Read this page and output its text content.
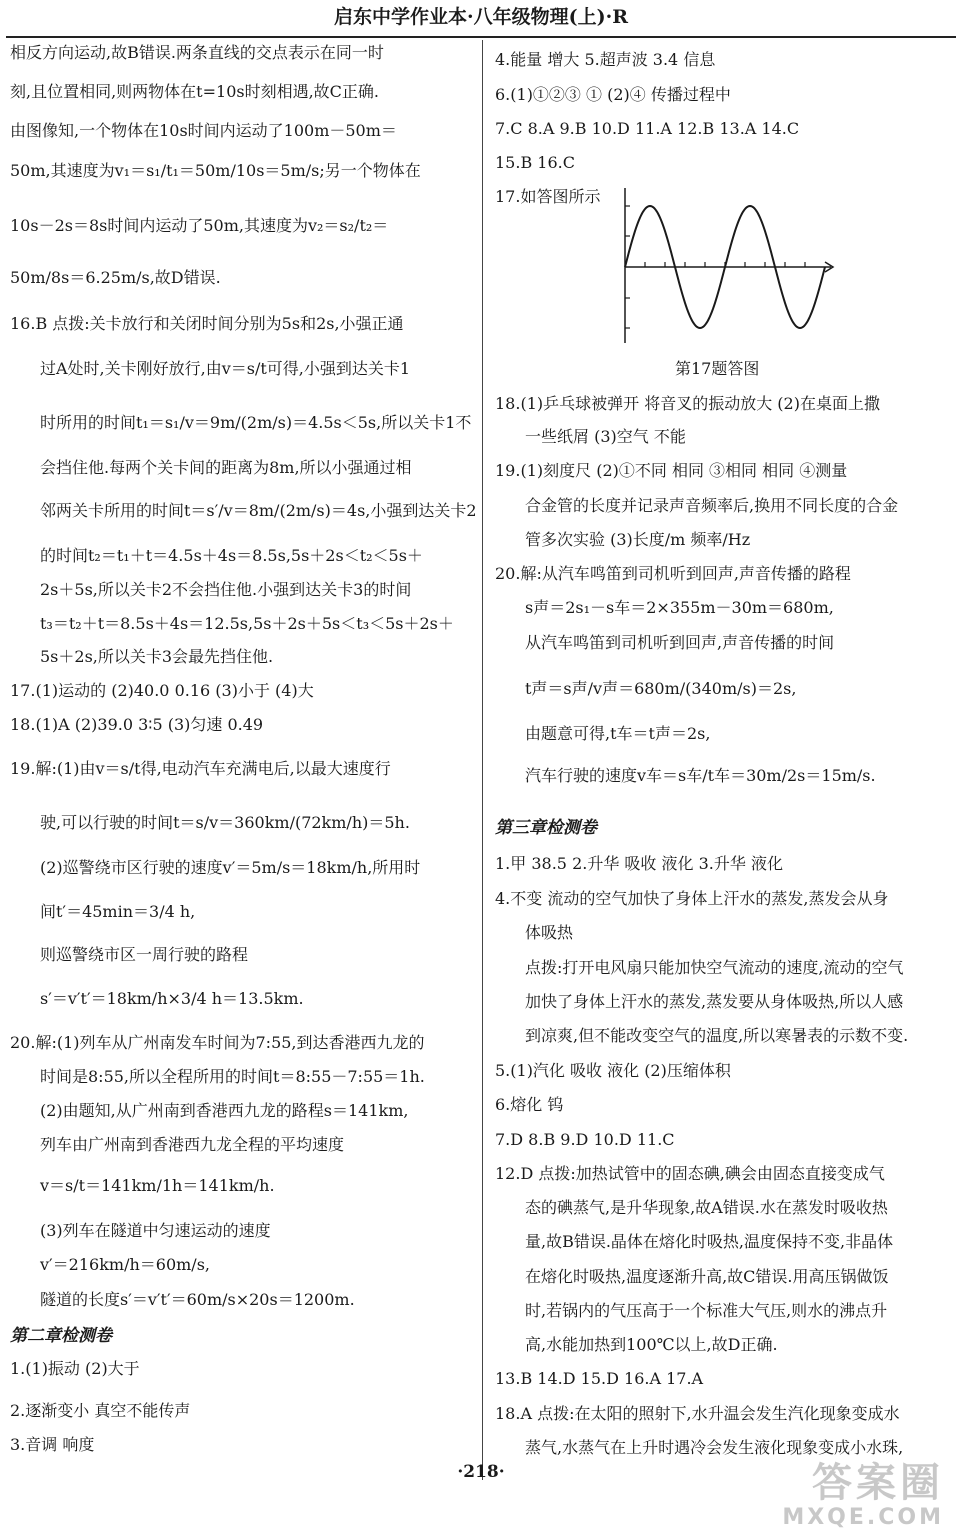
启东中学作业本·八年级物理(上)·R
相反方向运动,故B错误.两条直线的交点表示在同一时
刻,且位置相同,则两物体在t=10s时刻相遇,故C正确.
由图像知,一个物体在10s时间内运动了100m－50m＝
50m,其速度为v₁＝s₁/t₁＝50m/10s＝5m/s;另一个物体在
10s－2s＝8s时间内运动了50m,其速度为v₂＝s₂/t₂＝
50m/8s＝6.25m/s,故D错误.
16.B 点拨:关卡放行和关闭时间分别为5s和2s,小强正通
过A处时,关卡刚好放行,由v＝s/t可得,小强到达关卡1
时所用的时间t₁＝s₁/v＝9m/(2m/s)＝4.5s＜5s,所以关卡1不
会挡住他.每两个关卡间的距离为8m,所以小强通过相
邻两关卡所用的时间t＝s′/v＝8m/(2m/s)＝4s,小强到达关卡2
的时间t₂＝t₁＋t＝4.5s＋4s＝8.5s,5s＋2s＜t₂＜5s＋
2s＋5s,所以关卡2不会挡住他.小强到达关卡3的时间
t₃＝t₂＋t＝8.5s＋4s＝12.5s,5s＋2s＋5s＜t₃＜5s＋2s＋
5s＋2s,所以关卡3会最先挡住他.
17.(1)运动的 (2)40.0 0.16 (3)小于 (4)大
18.(1)A (2)39.0 3∶5 (3)匀速 0.49
19.解:(1)由v＝s/t得,电动汽车充满电后,以最大速度行
驶,可以行驶的时间t＝s/v＝360km/(72km/h)＝5h.
(2)巡警绕市区行驶的速度v′＝5m/s＝18km/h,所用时
间t′＝45min＝3/4 h,
则巡警绕市区一周行驶的路程
s′＝v′t′＝18km/h×3/4 h＝13.5km.
20.解:(1)列车从广州南发车时间为7:55,到达香港西九龙的
时间是8:55,所以全程所用的时间t＝8:55－7:55＝1h.
(2)由题知,从广州南到香港西九龙的路程s＝141km,
列车由广州南到香港西九龙全程的平均速度
v＝s/t＝141km/1h＝141km/h.
(3)列车在隧道中匀速运动的速度
v′＝216km/h＝60m/s,
隧道的长度s′＝v′t′＝60m/s×20s＝1200m.
第二章检测卷
1.(1)振动 (2)大于
2.逐渐变小 真空不能传声
3.音调 响度
4.能量 增大 5.超声波 3.4 信息
6.(1)①②③ ① (2)④ 传播过程中
7.C 8.A 9.B 10.D 11.A 12.B 13.A 14.C
15.B 16.C
17.如答图所示
第17题答图
18.(1)乒乓球被弹开 将音叉的振动放大 (2)在桌面上撒
一些纸屑 (3)空气 不能
19.(1)刻度尺 (2)①不同 相同 ③相同 相同 ④测量
合金管的长度并记录声音频率后,换用不同长度的合金
管多次实验 (3)长度/m 频率/Hz
20.解:从汽车鸣笛到司机听到回声,声音传播的路程
s声＝2s₁－s车＝2×355m－30m＝680m,
从汽车鸣笛到司机听到回声,声音传播的时间
t声＝s声/v声＝680m/(340m/s)＝2s,
由题意可得,t车＝t声＝2s,
汽车行驶的速度v车＝s车/t车＝30m/2s＝15m/s.
第三章检测卷
1.甲 38.5 2.升华 吸收 液化 3.升华 液化
4.不变 流动的空气加快了身体上汗水的蒸发,蒸发会从身
体吸热
点拨:打开电风扇只能加快空气流动的速度,流动的空气
加快了身体上汗水的蒸发,蒸发要从身体吸热,所以人感
到凉爽,但不能改变空气的温度,所以寒暑表的示数不变.
5.(1)汽化 吸收 液化 (2)压缩体积
6.熔化 钨
7.D 8.B 9.D 10.D 11.C
12.D 点拨:加热试管中的固态碘,碘会由固态直接变成气
态的碘蒸气,是升华现象,故A错误.水在蒸发时吸收热
量,故B错误.晶体在熔化时吸热,温度保持不变,非晶体
在熔化时吸热,温度逐渐升高,故C错误.用高压锅做饭
时,若锅内的气压高于一个标准大气压,则水的沸点升
高,水能加热到100℃以上,故D正确.
13.B 14.D 15.D 16.A 17.A
18.A 点拨:在太阳的照射下,水升温会发生汽化现象变成水
蒸气,水蒸气在上升时遇冷会发生液化现象变成小水珠,
·218·	答案圈
MXQE.COM
